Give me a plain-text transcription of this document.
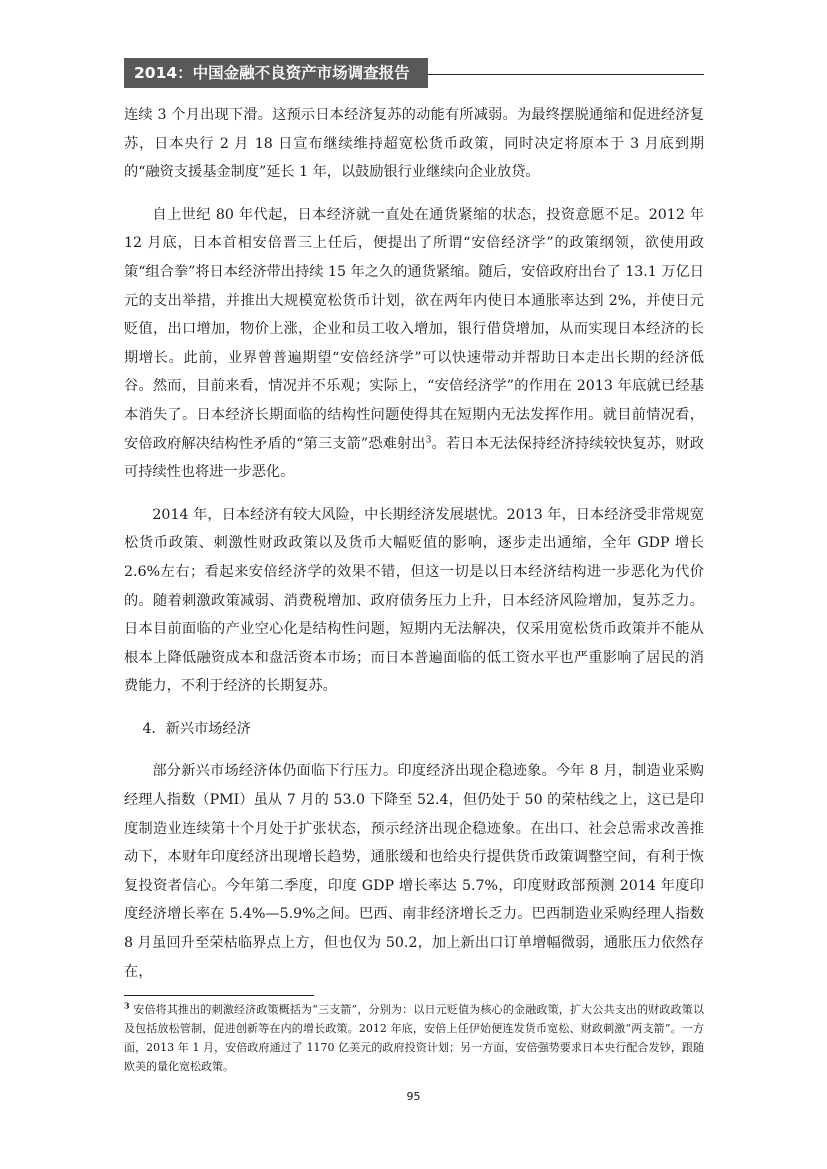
2014：中国金融不良资产市场调查报告

连续 3 个月出现下滑。这预示日本经济复苏的动能有所减弱。为最终摆脱通缩和促进经济复苏，日本央行 2 月 18 日宣布继续维持超宽松货币政策，同时决定将原本于 3 月底到期的“融资支援基金制度”延长 1 年，以鼓励银行业继续向企业放贷。

自上世纪 80 年代起，日本经济就一直处在通货紧缩的状态，投资意愿不足。2012 年 12 月底，日本首相安倍晋三上任后，便提出了所谓“安倍经济学”的政策纲领，欲使用政策“组合拳”将日本经济带出持续 15 年之久的通货紧缩。随后，安倍政府出台了 13.1 万亿日元的支出举措，并推出大规模宽松货币计划，欲在两年内使日本通胀率达到 2%，并使日元贬值，出口增加，物价上涨，企业和员工收入增加，银行借贷增加，从而实现日本经济的长期增长。此前，业界曾普遍期望“安倍经济学”可以快速带动并帮助日本走出长期的经济低谷。然而，目前来看，情况并不乐观；实际上，“安倍经济学”的作用在 2013 年底就已经基本消失了。日本经济长期面临的结构性问题使得其在短期内无法发挥作用。就目前情况看，安倍政府解决结构性矛盾的“第三支箭”恐难射出$^3$。若日本无法保持经济持续较快复苏，财政可持续性也将进一步恶化。

2014 年，日本经济有较大风险，中长期经济发展堪忧。2013 年，日本经济受非常规宽松货币政策、刺激性财政政策以及货币大幅贬值的影响，逐步走出通缩，全年 GDP 增长 2.6%左右；看起来安倍经济学的效果不错，但这一切是以日本经济结构进一步恶化为代价的。随着刺激政策减弱、消费税增加、政府债务压力上升，日本经济风险增加，复苏乏力。日本目前面临的产业空心化是结构性问题，短期内无法解决，仅采用宽松货币政策并不能从根本上降低融资成本和盘活资本市场；而日本普遍面临的低工资水平也严重影响了居民的消费能力，不利于经济的长期复苏。

4．新兴市场经济

部分新兴市场经济体仍面临下行压力。印度经济出现企稳迹象。今年 8 月，制造业采购经理人指数（PMI）虽从 7 月的 53.0 下降至 52.4，但仍处于 50 的荣枯线之上，这已是印度制造业连续第十个月处于扩张状态，预示经济出现企稳迹象。在出口、社会总需求改善推动下，本财年印度经济出现增长趋势，通胀缓和也给央行提供货币政策调整空间，有利于恢复投资者信心。今年第二季度，印度 GDP 增长率达 5.7%，印度财政部预测 2014 年度印度经济增长率在 5.4%—5.9%之间。巴西、南非经济增长乏力。巴西制造业采购经理人指数 8 月虽回升至荣枯临界点上方，但也仅为 50.2，加上新出口订单增幅微弱，通胀压力依然存在，

$^3$ 安倍将其推出的刺激经济政策概括为“三支箭”，分别为：以日元贬值为核心的金融政策，扩大公共支出的财政政策以及包括放松管制，促进创新等在内的增长政策。2012 年底，安倍上任伊始便连发货币宽松、财政刺激“两支箭”。一方面，2013 年 1 月，安倍政府通过了 1170 亿美元的政府投资计划；另一方面，安倍强势要求日本央行配合发钞，跟随欧美的量化宽松政策。
95
